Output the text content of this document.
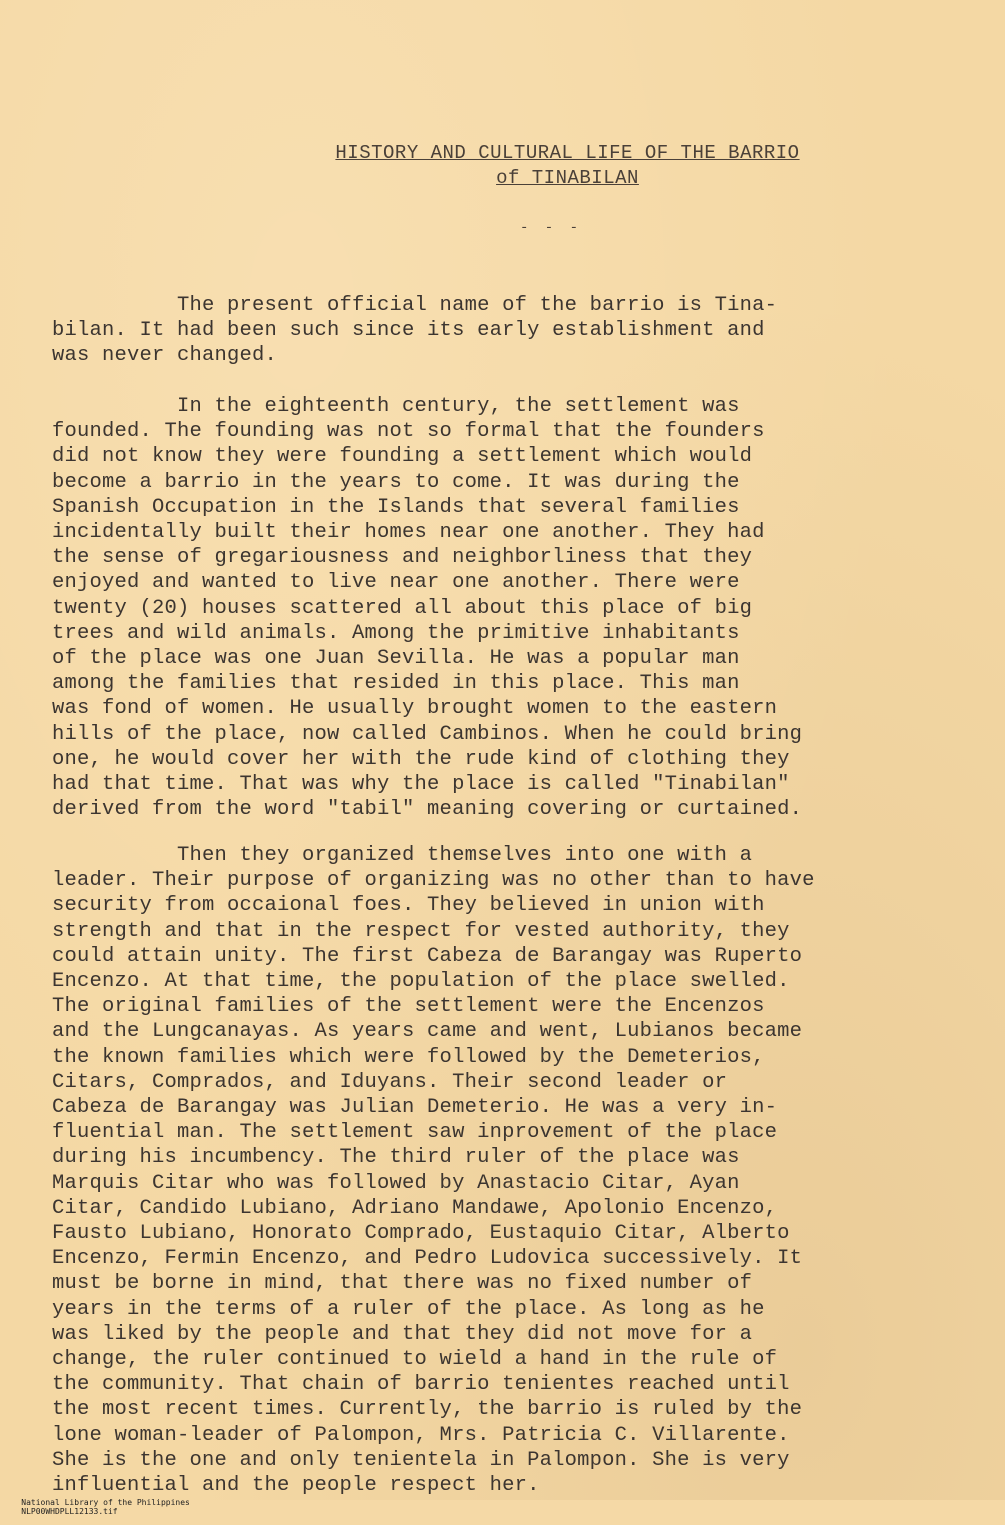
HISTORY AND CULTURAL LIFE OF THE BARRIO
of TINABILAN
- - -
The present official name of the barrio is Tina-
bilan. It had been such since its early establishment and
was never changed.
In the eighteenth century, the settlement was
founded. The founding was not so formal that the founders
did not know they were founding a settlement which would
become a barrio in the years to come. It was during the
Spanish Occupation in the Islands that several families
incidentally built their homes near one another. They had
the sense of gregariousness and neighborliness that they
enjoyed and wanted to live near one another. There were
twenty (20) houses scattered all about this place of big
trees and wild animals. Among the primitive inhabitants
of the place was one Juan Sevilla. He was a popular man
among the families that resided in this place. This man
was fond of women. He usually brought women to the eastern
hills of the place, now called Cambinos. When he could bring
one, he would cover her with the rude kind of clothing they
had that time. That was why the place is called "Tinabilan"
derived from the word "tabil" meaning covering or curtained.
Then they organized themselves into one with a
leader. Their purpose of organizing was no other than to have
security from occaional foes. They believed in union with
strength and that in the respect for vested authority, they
could attain unity. The first Cabeza de Barangay was Ruperto
Encenzo. At that time, the population of the place swelled.
The original families of the settlement were the Encenzos
and the Lungcanayas. As years came and went, Lubianos became
the known families which were followed by the Demeterios,
Citars, Comprados, and Iduyans. Their second leader or
Cabeza de Barangay was Julian Demeterio. He was a very in-
fluential man. The settlement saw inprovement of the place
during his incumbency. The third ruler of the place was
Marquis Citar who was followed by Anastacio Citar, Ayan
Citar, Candido Lubiano, Adriano Mandawe, Apolonio Encenzo,
Fausto Lubiano, Honorato Comprado, Eustaquio Citar, Alberto
Encenzo, Fermin Encenzo, and Pedro Ludovica successively. It
must be borne in mind, that there was no fixed number of
years in the terms of a ruler of the place. As long as he
was liked by the people and that they did not move for a
change, the ruler continued to wield a hand in the rule of
the community. That chain of barrio tenientes reached until
the most recent times. Currently, the barrio is ruled by the
lone woman-leader of Palompon, Mrs. Patricia C. Villarente.
She is the one and only tenientela in Palompon. She is very
influential and the people respect her.

National Library of the Philippines
NLP00WHDPLL12133.tif
